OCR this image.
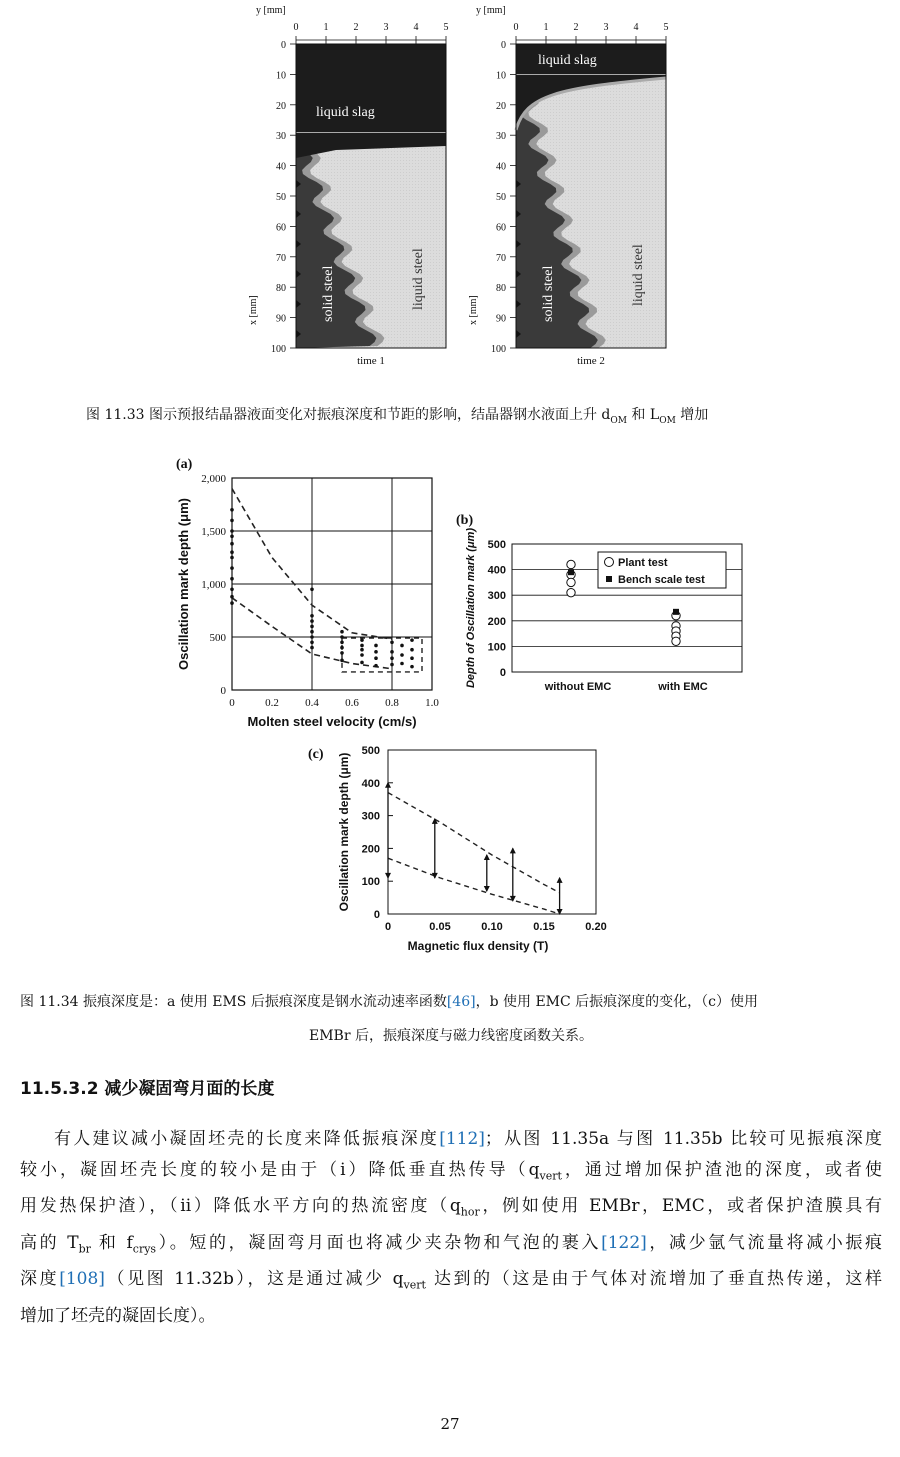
y [mm]
0	1	2	3	4	5
0
10
20
30
40
50
60
70
80
90
100
x [mm]
time 1
liquid slag
solid steel	liquid steel
y [mm]
0	1	2	3	4	5
0
10
20
30
40
50
60
70
80
90
100
x [mm]
time 2
liquid slag
solid steel	liquid steel
图 11.33 图示预报结晶器液面变化对振痕深度和节距的影响，结晶器钢水液面上升 $d_{OM}$ 和 $L_{OM}$ 增加
(a)
0
500
1,000
1,500
2,000
0	0.2 0.4 0.6 0.8 1.0
Molten steel velocity (cm/s)
Oscillation mark depth (μm)	(b)
0
100
200
300
400
500
without EMC	with EMC
Depth of Oscillation mark (μm)	Plant test
Bench scale test
(c)
0
100
200
300
400
500
0	0.05	0.10	0.15	0.20
Magnetic flux density (T)
Oscillation mark depth (μm)
图 11.34 振痕深度是：a 使用 EMS 后振痕深度是钢水流动速率函数[46]，b 使用 EMC 后振痕深度的变化，（c）使用
EMBr 后，振痕深度与磁力线密度函数关系。
11.5.3.2 减少凝固弯月面的长度
有人建议减小凝固坯壳的长度来降低振痕深度[112]；从图 11.35a 与图 11.35b 比较可见振痕深度
较小，凝固坯壳长度的较小是由于（i）降低垂直热传导（$q_{vert}$，通过增加保护渣池的深度，或者使
用发热保护渣），（ii）降低水平方向的热流密度（$q_{hor}$，例如使用 EMBr，EMC，或者保护渣膜具有
高的 $T_{br}$ 和 $f_{crys}$）。短的，凝固弯月面也将减少夹杂物和气泡的裹入[122]，减少氩气流量将减小振痕
深度[108]（见图 11.32b），这是通过减少 $q_{vert}$ 达到的（这是由于气体对流增加了垂直热传递，这样
增加了坯壳的凝固长度）。
27
